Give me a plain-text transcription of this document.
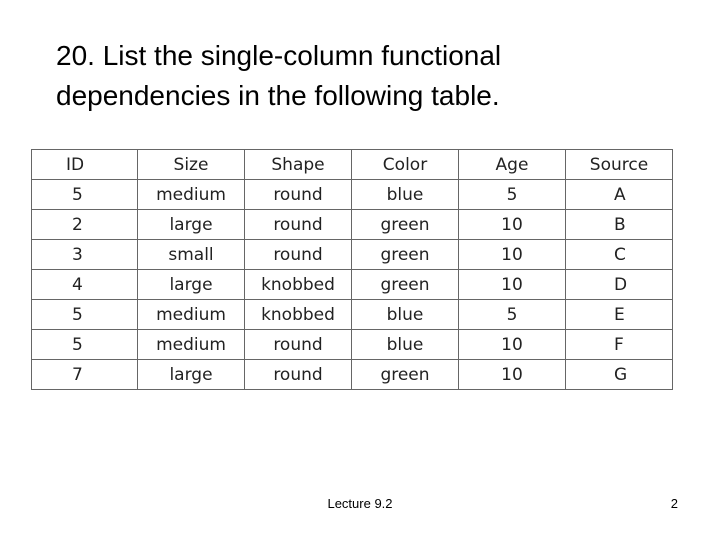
20. List the single-column functional
dependencies in the following table.
ID	Size	Shape	Color	Age	Source
5	medium	round	blue	5	A
2	large	round	green	10	B
3	small	round	green	10	C
4	large	knobbed	green	10	D
5	medium	knobbed	blue	5	E
5	medium	round	blue	10	F
7	large	round	green	10	G
Lecture 9.2	2
